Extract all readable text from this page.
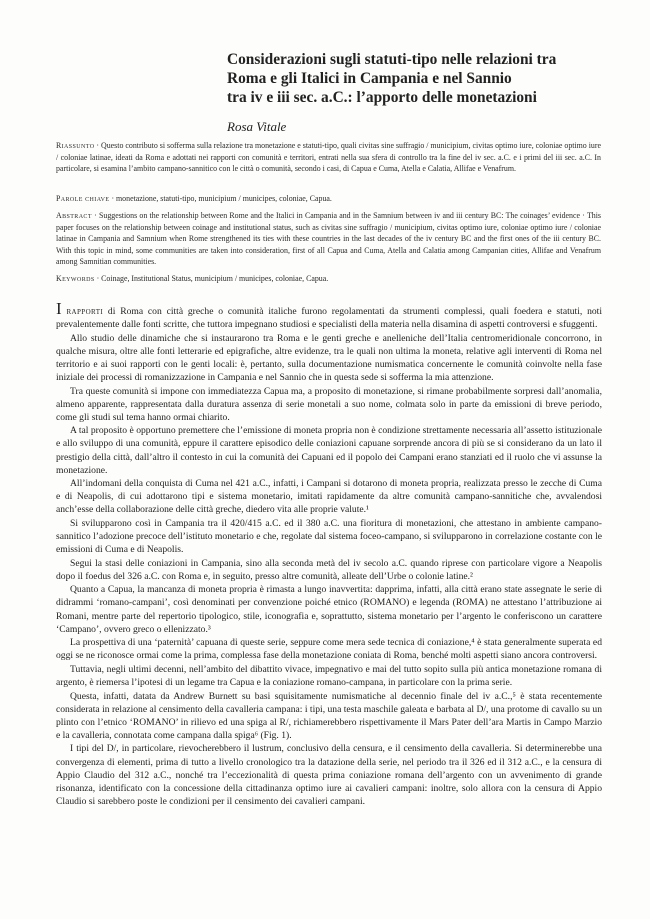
Considerazioni sugli statuti-tipo nelle relazioni tra
Roma e gli Italici in Campania e nel Sannio
tra iv e iii sec. a.C.: l’apporto delle monetazioni
Rosa Vitale

Riassunto · Questo contributo si sofferma sulla relazione tra monetazione e statuti-tipo, quali civitas sine suffragio / municipium, civitas optimo iure, coloniae optimo iure / coloniae latinae, ideati da Roma e adottati nei rapporti con comunità e territori, entrati nella sua sfera di controllo tra la fine del iv sec. a.C. e i primi del iii sec. a.C. In particolare, si esamina l’ambito campano-sannitico con le città o comunità, secondo i casi, di Capua e Cuma, Atella e Calatia, Allifae e Venafrum.

Parole chiave · monetazione, statuti-tipo, municipium / municipes, coloniae, Capua.

Abstract · Suggestions on the relationship between Rome and the Italici in Campania and in the Samnium between iv and iii century BC: The coinages’ evidence · This paper focuses on the relationship between coinage and institutional status, such as civitas sine suffragio / municipium, civitas optimo iure, coloniae optimo iure / coloniae latinae in Campania and Samnium when Rome strengthened its ties with these countries in the last decades of the iv century BC and the first ones of the iii century BC. With this topic in mind, some communities are taken into consideration, first of all Capua and Cuma, Atella and Calatia among Campanian cities, Allifae and Venafrum among Samnitian communities.

Keywords · Coinage, Institutional Status, municipium / municipes, coloniae, Capua.

I rapporti di Roma con città greche o comunità italiche furono regolamentati da strumenti complessi, quali foedera e statuti, noti prevalentemente dalle fonti scritte, che tuttora impegnano studiosi e specialisti della materia nella disamina di aspetti controversi e sfuggenti.

Allo studio delle dinamiche che si instaurarono tra Roma e le genti greche e anelleniche dell’Italia centromeridionale concorrono, in qualche misura, oltre alle fonti letterarie ed epigrafiche, altre evidenze, tra le quali non ultima la moneta, relative agli interventi di Roma nel territorio e ai suoi rapporti con le genti locali: è, pertanto, sulla documentazione numismatica concernente le comunità coinvolte nella fase iniziale dei processi di romanizzazione in Campania e nel Sannio che in questa sede si sofferma la mia attenzione.

Tra queste comunità si impone con immediatezza Capua ma, a proposito di monetazione, si rimane probabilmente sorpresi dall’anomalia, almeno apparente, rappresentata dalla duratura assenza di serie monetali a suo nome, colmata solo in parte da emissioni di breve periodo, come gli studi sul tema hanno ormai chiarito.

A tal proposito è opportuno premettere che l’emissione di moneta propria non è condizione strettamente necessaria all’assetto istituzionale e allo sviluppo di una comunità, eppure il carattere episodico delle coniazioni capuane sorprende ancora di più se si considerano da un lato il prestigio della città, dall’altro il contesto in cui la comunità dei Capuani ed il popolo dei Campani erano stanziati ed il ruolo che vi assunse la monetazione.

All’indomani della conquista di Cuma nel 421 a.C., infatti, i Campani si dotarono di moneta propria, realizzata presso le zecche di Cuma e di Neapolis, di cui adottarono tipi e sistema monetario, imitati rapidamente da altre comunità campano-sannitiche che, avvalendosi anch’esse della collaborazione delle città greche, diedero vita alle proprie valute.¹

Si svilupparono così in Campania tra il 420/415 a.C. ed il 380 a.C. una fioritura di monetazioni, che attestano in ambiente campano-sannitico l’adozione precoce dell’istituto monetario e che, regolate dal sistema foceo-campano, si svilupparono in correlazione costante con le emissioni di Cuma e di Neapolis.

Segui la stasi delle coniazioni in Campania, sino alla seconda metà del iv secolo a.C. quando riprese con particolare vigore a Neapolis dopo il foedus del 326 a.C. con Roma e, in seguito, presso altre comunità, alleate dell’Urbe o colonie latine.²

Quanto a Capua, la mancanza di moneta propria è rimasta a lungo inavvertita: dapprima, infatti, alla città erano state assegnate le serie di didrammi ‘romano-campani’, così denominati per convenzione poiché etnico (ROMANO) e legenda (ROMA) ne attestano l’attribuzione ai Romani, mentre parte del repertorio tipologico, stile, iconografia e, soprattutto, sistema monetario per l’argento le conferiscono un carattere ‘Campano’, ovvero greco o ellenizzato.³

La prospettiva di una ‘paternità’ capuana di queste serie, seppure come mera sede tecnica di coniazione,⁴ è stata generalmente superata ed oggi se ne riconosce ormai come la prima, complessa fase della monetazione coniata di Roma, benché molti aspetti siano ancora controversi.

Tuttavia, negli ultimi decenni, nell’ambito del dibattito vivace, impegnativo e mai del tutto sopito sulla più antica monetazione romana di argento, è riemersa l’ipotesi di un legame tra Capua e la coniazione romano-campana, in particolare con la prima serie.

Questa, infatti, datata da Andrew Burnett su basi squisitamente numismatiche al decennio finale del iv a.C.,⁵ è stata recentemente considerata in relazione al censimento della cavalleria campana: i tipi, una testa maschile galeata e barbata al D/, una protome di cavallo su un plinto con l’etnico ‘ROMANO’ in rilievo ed una spiga al R/, richiamerebbero rispettivamente il Mars Pater dell’ara Martis in Campo Marzio e la cavalleria, connotata come campana dalla spiga⁶ (Fig. 1).

I tipi del D/, in particolare, rievocherebbero il lustrum, conclusivo della censura, e il censimento della cavalleria. Si determinerebbe una convergenza di elementi, prima di tutto a livello cronologico tra la datazione della serie, nel periodo tra il 326 ed il 312 a.C., e la censura di Appio Claudio del 312 a.C., nonché tra l’eccezionalità di questa prima coniazione romana dell’argento con un avvenimento di grande risonanza, identificato con la concessione della cittadinanza optimo iure ai cavalieri campani: inoltre, solo allora con la censura di Appio Claudio si sarebbero poste le condizioni per il censimento dei cavalieri campani.
